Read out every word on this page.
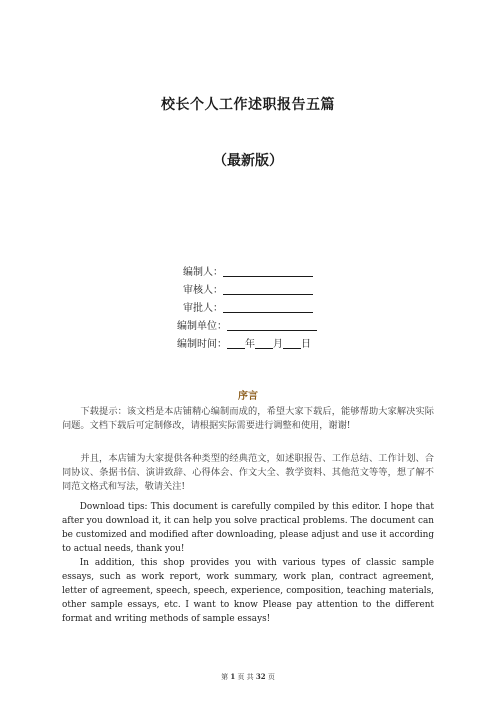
校长个人工作述职报告五篇
（最新版）
编制人：
审核人：
审批人：
编制单位：
编制时间： 年 月 日
序言
下载提示：该文档是本店铺精心编制而成的，希望大家下载后，能够帮助大家解决实际问题。文档下载后可定制修改，请根据实际需要进行调整和使用，谢谢!
并且，本店铺为大家提供各种类型的经典范文，如述职报告、工作总结、工作计划、合同协议、条据书信、演讲致辞、心得体会、作文大全、教学资料、其他范文等等，想了解不同范文格式和写法，敬请关注!
Download tips: This document is carefully compiled by this editor. I hope that after you download it, it can help you solve practical problems. The document can be customized and modified after downloading, please adjust and use it according to actual needs, thank you!
In addition, this shop provides you with various types of classic sample essays, such as work report, work summary, work plan, contract agreement, letter of agreement, speech, speech, experience, composition, teaching materials, other sample essays, etc. I want to know Please pay attention to the different format and writing methods of sample essays!
第 1 页 共 32 页
